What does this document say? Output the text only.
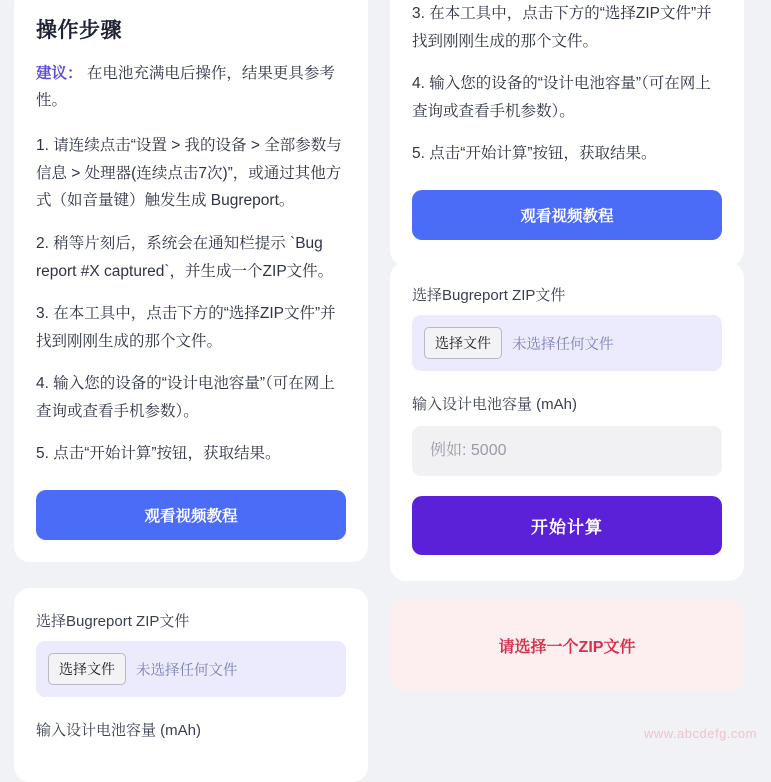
操作步骤

建议： 在电池充满电后操作，结果更具参考性。

1. 请连续点击“设置 > 我的设备 > 全部参数与信息 > 处理器(连续点击7次)”，或通过其他方式（如音量键）触发生成 Bugreport。
2. 稍等片刻后，系统会在通知栏提示 `Bug report #X captured`，并生成一个ZIP文件。
3. 在本工具中，点击下方的“选择ZIP文件”并找到刚刚生成的那个文件。
4. 输入您的设备的“设计电池容量”（可在网上查询或查看手机参数）。
5. 点击“开始计算”按钮，获取结果。
观看视频教程

选择Bugreport ZIP文件

选择文件	未选择任何文件

输入设计电池容量 (mAh)

3. 在本工具中，点击下方的“选择ZIP文件”并找到刚刚生成的那个文件。
4. 输入您的设备的“设计电池容量”（可在网上查询或查看手机参数）。
5. 点击“开始计算”按钮，获取结果。
观看视频教程

选择Bugreport ZIP文件

选择文件	未选择任何文件

输入设计电池容量 (mAh)

例如: 5000
开始计算
请选择一个ZIP文件
www.abcdefg.com
